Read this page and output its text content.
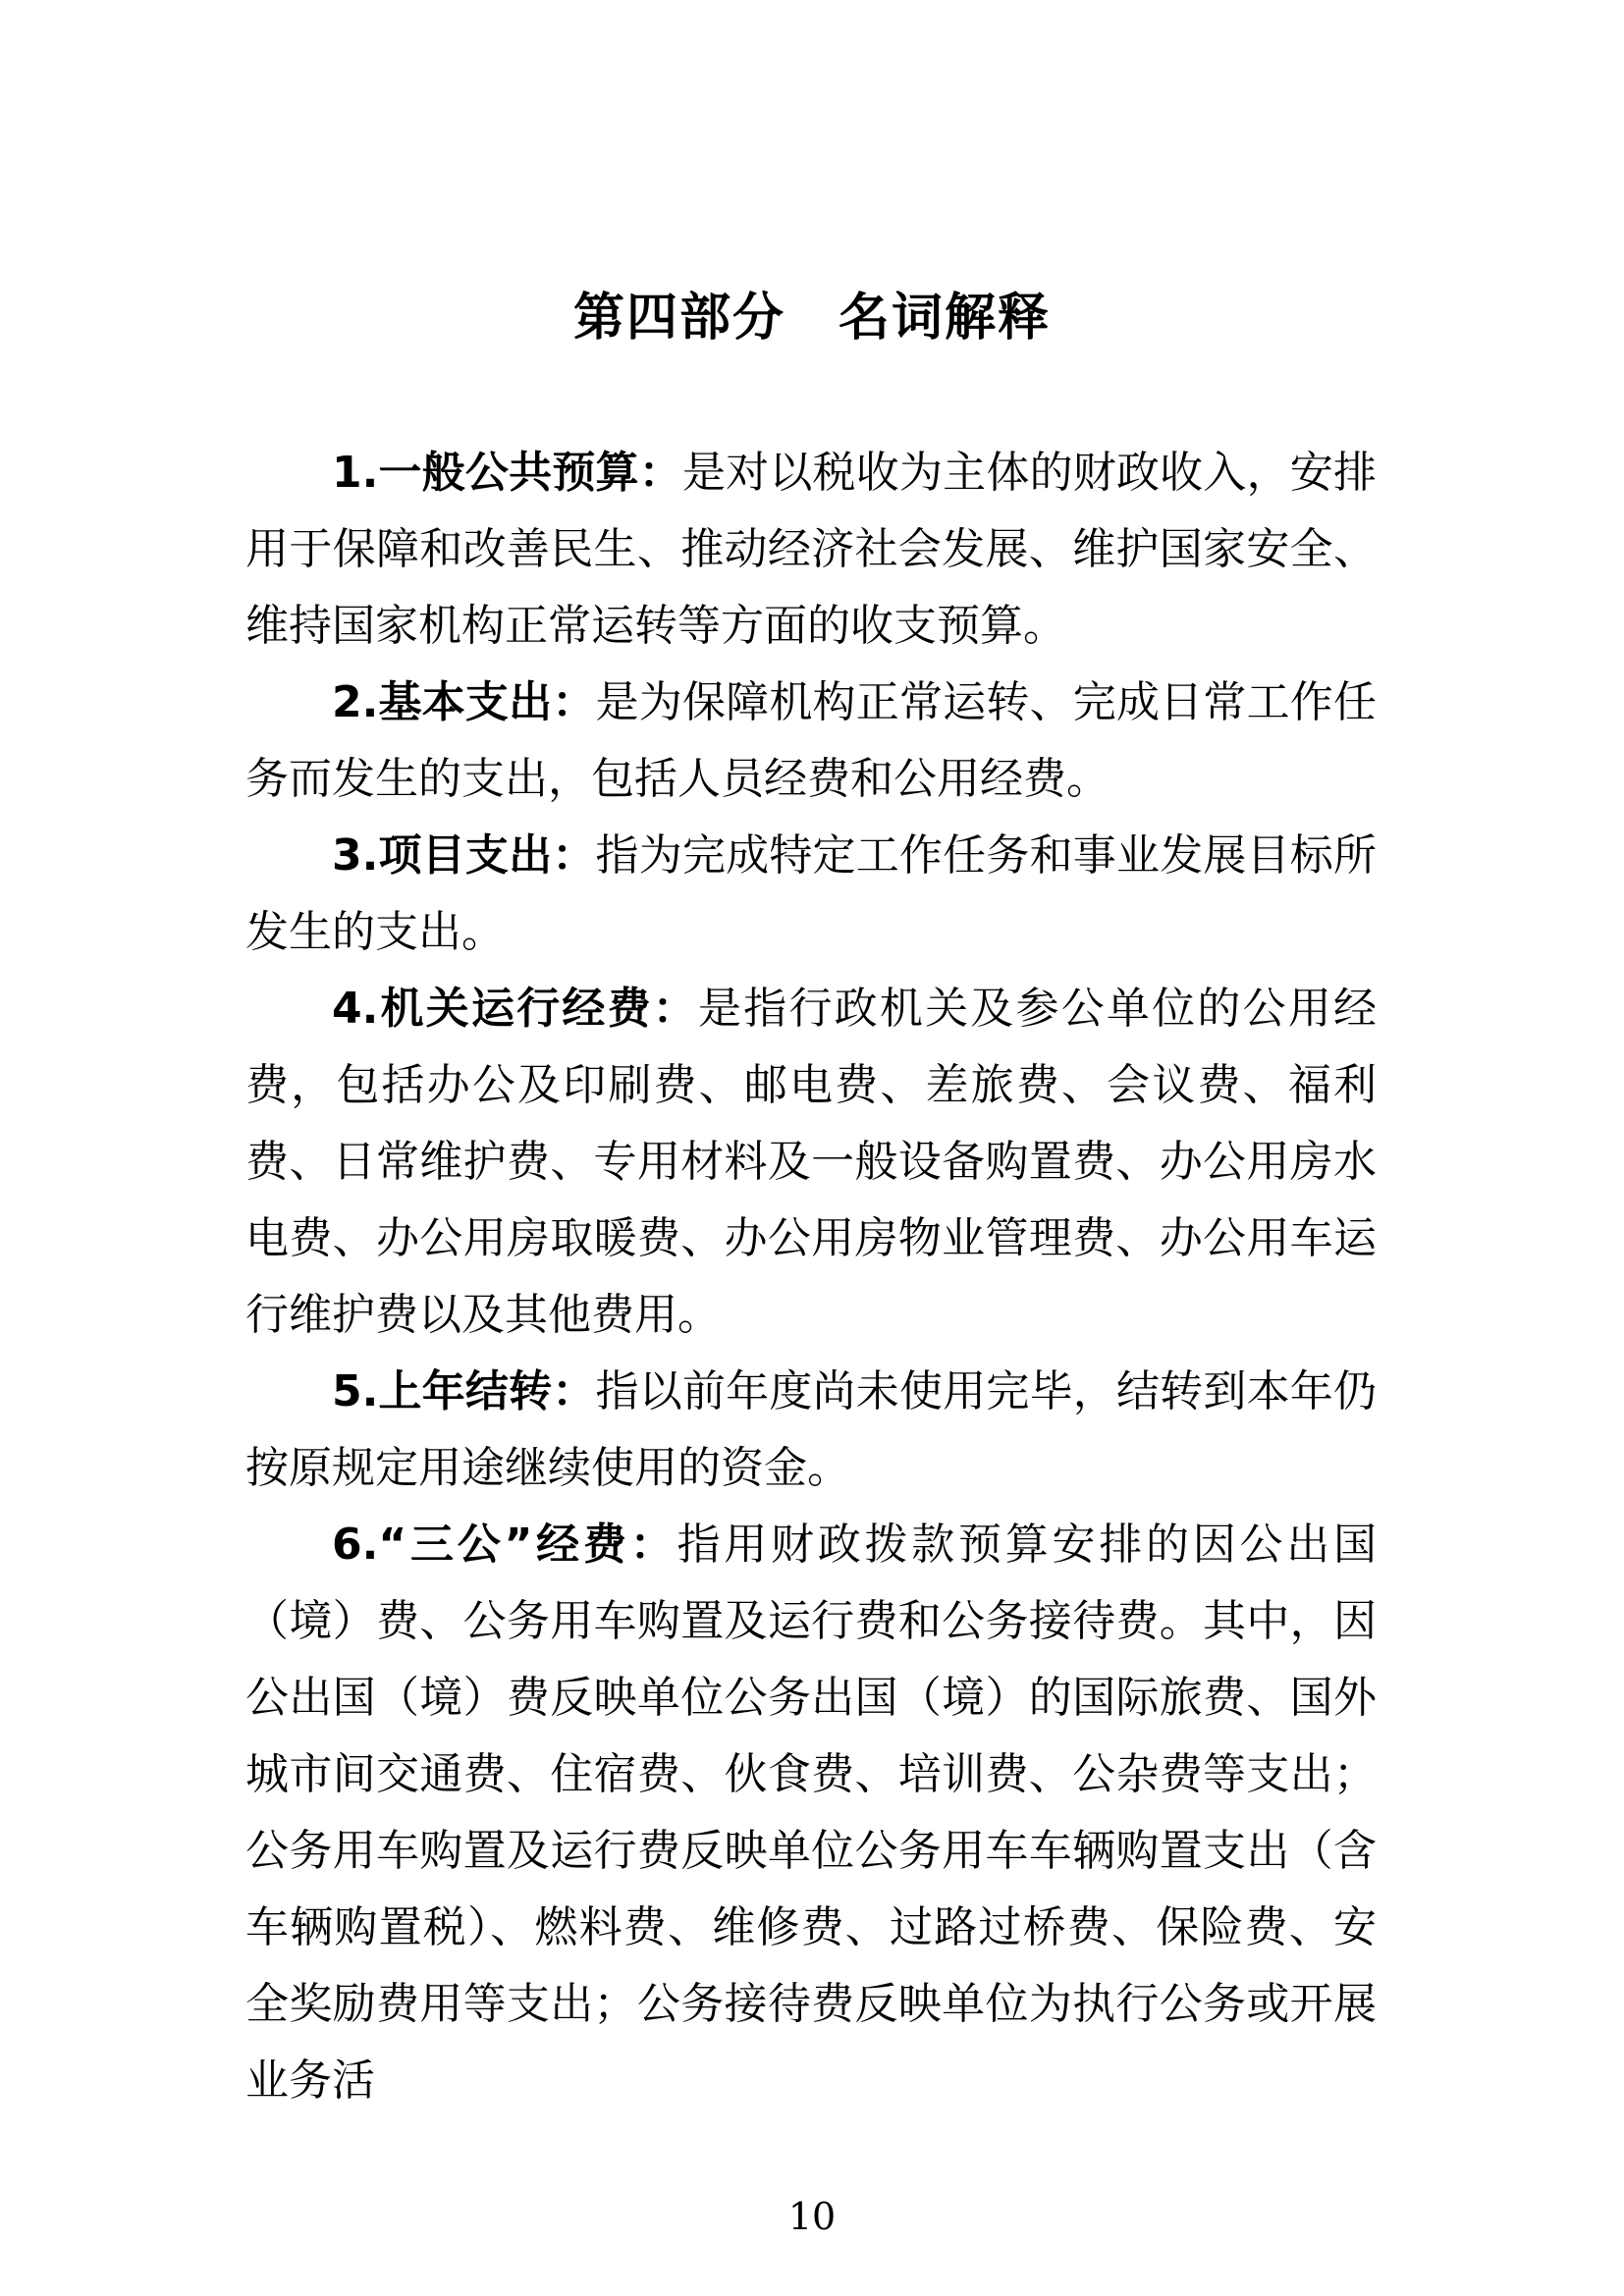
第四部分　名词解释

1.一般公共预算：是对以税收为主体的财政收入，安排用于保障和改善民生、推动经济社会发展、维护国家安全、维持国家机构正常运转等方面的收支预算。

2.基本支出：是为保障机构正常运转、完成日常工作任务而发生的支出，包括人员经费和公用经费。

3.项目支出：指为完成特定工作任务和事业发展目标所发生的支出。

4.机关运行经费：是指行政机关及参公单位的公用经费，包括办公及印刷费、邮电费、差旅费、会议费、福利费、日常维护费、专用材料及一般设备购置费、办公用房水电费、办公用房取暖费、办公用房物业管理费、办公用车运行维护费以及其他费用。

5.上年结转：指以前年度尚未使用完毕，结转到本年仍按原规定用途继续使用的资金。

6.“三公”经费：指用财政拨款预算安排的因公出国（境）费、公务用车购置及运行费和公务接待费。其中，因公出国（境）费反映单位公务出国（境）的国际旅费、国外城市间交通费、住宿费、伙食费、培训费、公杂费等支出；公务用车购置及运行费反映单位公务用车车辆购置支出（含车辆购置税）、燃料费、维修费、过路过桥费、保险费、安全奖励费用等支出；公务接待费反映单位为执行公务或开展业务活

10
